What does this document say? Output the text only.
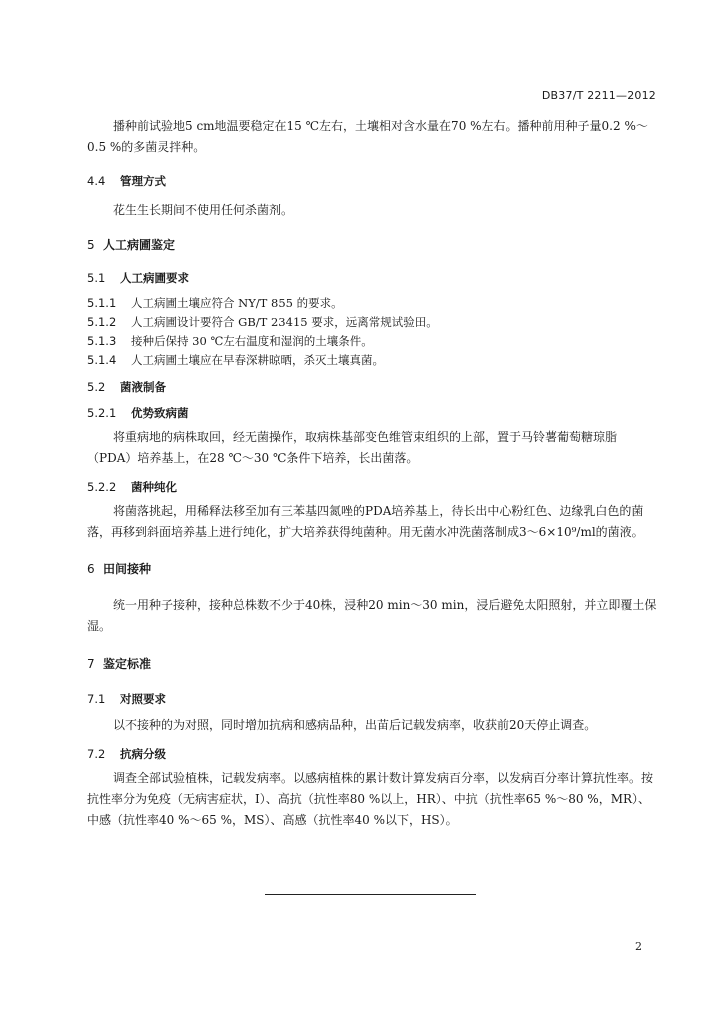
DB37/T 2211—2012

播种前试验地5 cm地温要稳定在15 ℃左右，土壤相对含水量在70 %左右。播种前用种子量0.2 %～0.5 %的多菌灵拌种。

4.4 管理方式

花生生长期间不使用任何杀菌剂。

5 人工病圃鉴定

5.1 人工病圃要求

5.1.1 人工病圃土壤应符合 NY/T 855 的要求。

5.1.2 人工病圃设计要符合 GB/T 23415 要求，远离常规试验田。

5.1.3 接种后保持 30 ℃左右温度和湿润的土壤条件。

5.1.4 人工病圃土壤应在早春深耕晾晒，杀灭土壤真菌。

5.2 菌液制备

5.2.1 优势致病菌

将重病地的病株取回，经无菌操作，取病株基部变色维管束组织的上部，置于马铃薯葡萄糖琼脂（PDA）培养基上，在28 ℃～30 ℃条件下培养，长出菌落。

5.2.2 菌种纯化

将菌落挑起，用稀释法移至加有三苯基四氮唑的PDA培养基上，待长出中心粉红色、边缘乳白色的菌落，再移到斜面培养基上进行纯化，扩大培养获得纯菌种。用无菌水冲洗菌落制成3～6×10⁹/ml的菌液。

6 田间接种

统一用种子接种，接种总株数不少于40株，浸种20 min～30 min，浸后避免太阳照射，并立即覆土保湿。

7 鉴定标准

7.1 对照要求

以不接种的为对照，同时增加抗病和感病品种，出苗后记载发病率，收获前20天停止调查。

7.2 抗病分级

调查全部试验植株，记载发病率。以感病植株的累计数计算发病百分率，以发病百分率计算抗性率。按抗性率分为免疫（无病害症状，I）、高抗（抗性率80 %以上，HR）、中抗（抗性率65 %～80 %，MR）、中感（抗性率40 %～65 %，MS）、高感（抗性率40 %以下，HS）。

2
